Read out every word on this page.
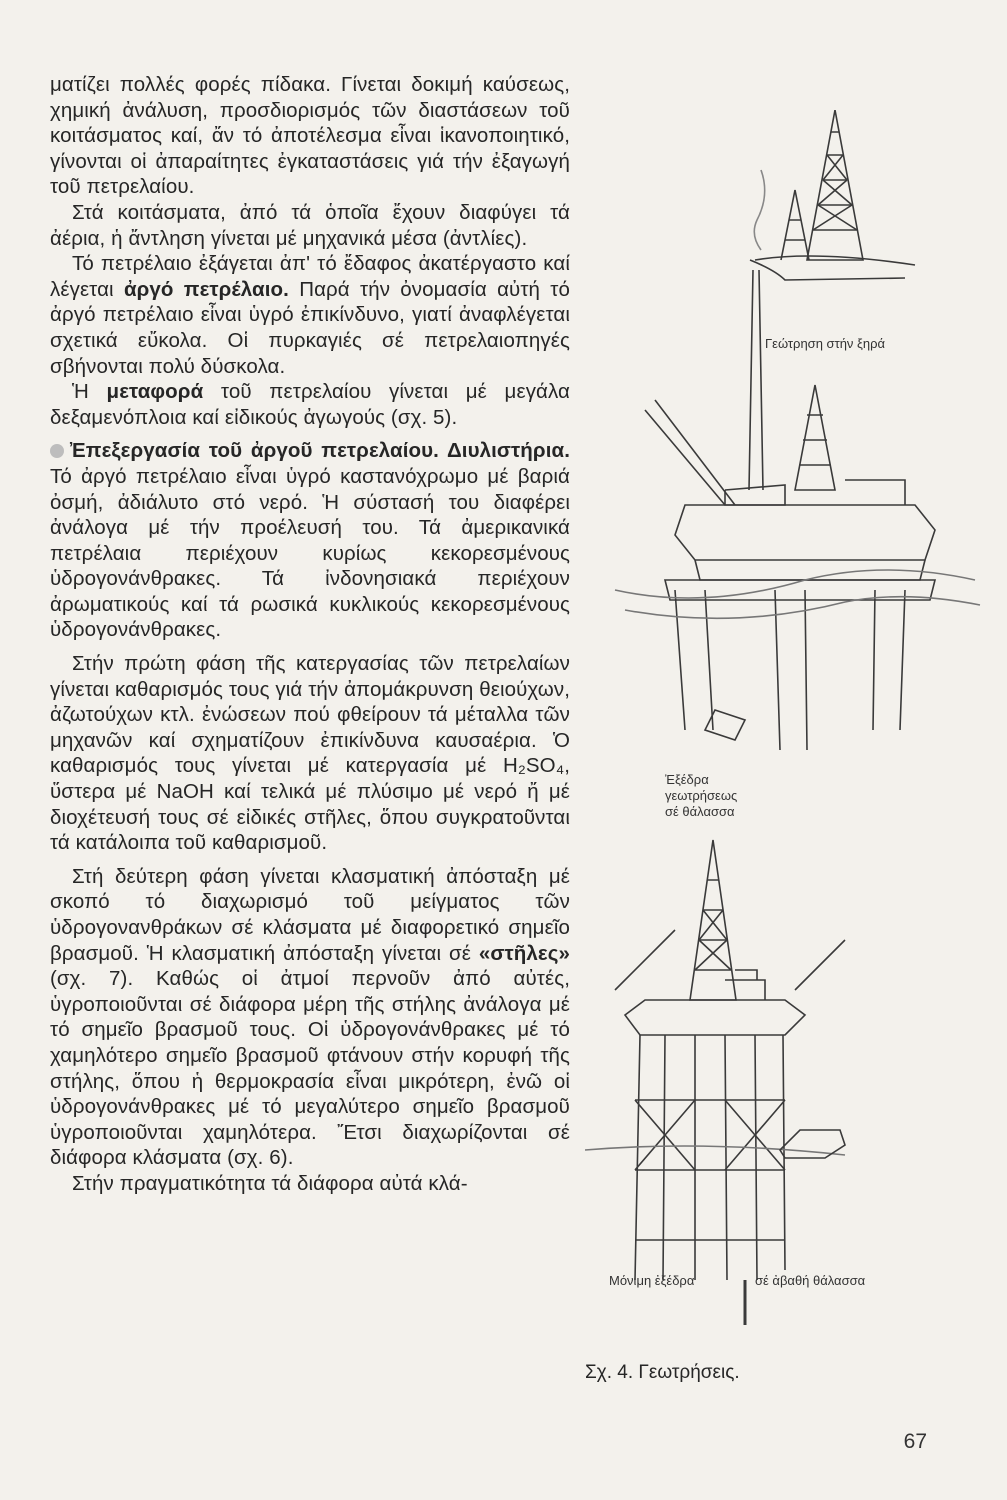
ματίζει πολλές φορές πίδακα. Γίνεται δοκιμή καύσεως, χημική ἀνάλυση, προσδιορισμός τῶν διαστάσεων τοῦ κοιτάσματος καί, ἄν τό ἀποτέλεσμα εἶναι ἱκανοποιητικό, γίνονται οἱ ἀπαραίτητες ἐγκαταστάσεις γιά τήν ἐξαγωγή τοῦ πετρελαίου.

Στά κοιτάσματα, ἀπό τά ὁποῖα ἔχουν διαφύγει τά ἀέρια, ἡ ἄντληση γίνεται μέ μηχανικά μέσα (ἀντλίες).

Τό πετρέλαιο ἐξάγεται ἀπ' τό ἔδαφος ἀκατέργαστο καί λέγεται ἀργό πετρέλαιο. Παρά τήν ὀνομασία αὐτή τό ἀργό πετρέλαιο εἶναι ὑγρό ἐπικίνδυνο, γιατί ἀναφλέγεται σχετικά εὔκολα. Οἱ πυρκαγιές σέ πετρελαιοπηγές σβήνονται πολύ δύσκολα.

Ἡ μεταφορά τοῦ πετρελαίου γίνεται μέ μεγάλα δεξαμενόπλοια καί εἰδικούς ἀγωγούς (σχ. 5).

Ἐπεξεργασία τοῦ ἀργοῦ πετρελαίου. Διυλιστήρια. Τό ἀργό πετρέλαιο εἶναι ὑγρό καστανόχρωμο μέ βαριά ὀσμή, ἀδιάλυτο στό νερό. Ἡ σύστασή του διαφέρει ἀνάλογα μέ τήν προέλευσή του. Τά ἀμερικανικά πετρέλαια περιέχουν κυρίως κεκορεσμένους ὑδρογονάνθρακες. Τά ἰνδονησιακά περιέχουν ἀρωματικούς καί τά ρωσικά κυκλικούς κεκορεσμένους ὑδρογονάνθρακες.

Στήν πρώτη φάση τῆς κατεργασίας τῶν πετρελαίων γίνεται καθαρισμός τους γιά τήν ἀπομάκρυνση θειούχων, ἀζωτούχων κτλ. ἐνώσεων πού φθείρουν τά μέταλλα τῶν μηχανῶν καί σχηματίζουν ἐπικίνδυνα καυσαέρια. Ὁ καθαρισμός τους γίνεται μέ κατεργασία μέ H₂SO₄, ὕστερα μέ NaOH καί τελικά μέ πλύσιμο μέ νερό ἤ μέ διοχέτευσή τους σέ εἰδικές στῆλες, ὅπου συγκρατοῦνται τά κατάλοιπα τοῦ καθαρισμοῦ.

Στή δεύτερη φάση γίνεται κλασματική ἀπόσταξη μέ σκοπό τό διαχωρισμό τοῦ μείγματος τῶν ὑδρογονανθράκων σέ κλάσματα μέ διαφορετικό σημεῖο βρασμοῦ. Ἡ κλασματική ἀπόσταξη γίνεται σέ «στῆλες» (σχ. 7). Καθώς οἱ ἀτμοί περνοῦν ἀπό αὐτές, ὑγροποιοῦνται σέ διάφορα μέρη τῆς στήλης ἀνάλογα μέ τό σημεῖο βρασμοῦ τους. Οἱ ὑδρογονάνθρακες μέ τό χαμηλότερο σημεῖο βρασμοῦ φτάνουν στήν κορυφή τῆς στήλης, ὅπου ἡ θερμοκρασία εἶναι μικρότερη, ἐνῶ οἱ ὑδρογονάνθρακες μέ τό μεγαλύτερο σημεῖο βρασμοῦ ὑγροποιοῦνται χαμηλότερα. Ἔτσι διαχωρίζονται σέ διάφορα κλάσματα (σχ. 6).

Στήν πραγματικότητα τά διάφορα αὐτά κλά-

Γεώτρηση στήν ξηρά
Ἐξέδρα
γεωτρήσεως
σέ θάλασσα
Μόνιμη ἐξέδρα	σέ ἀβαθή θάλασσα
Σχ. 4. Γεωτρήσεις.
67
